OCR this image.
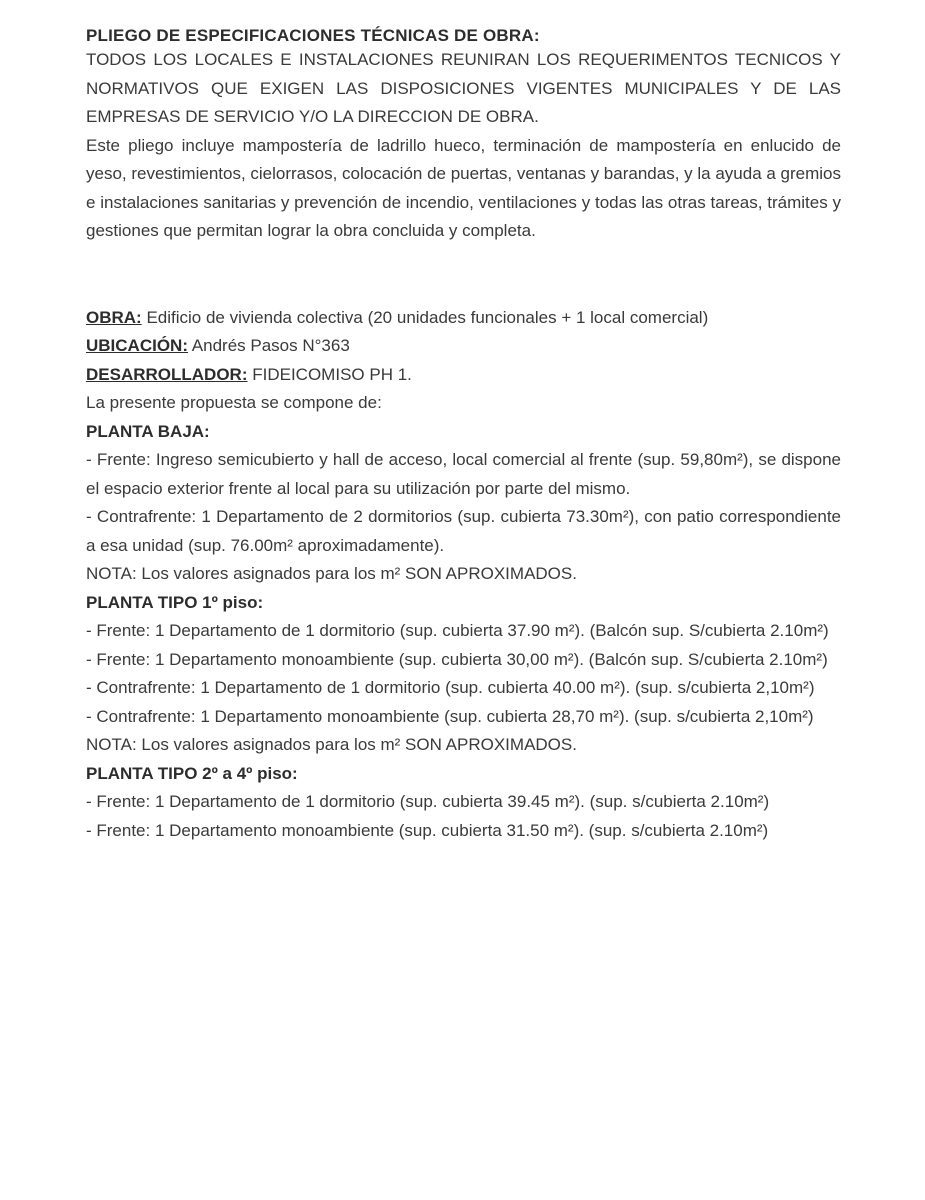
PLIEGO DE ESPECIFICACIONES TÉCNICAS DE OBRA:

TODOS LOS LOCALES E INSTALACIONES REUNIRAN LOS REQUERIMENTOS TECNICOS Y NORMATIVOS QUE EXIGEN LAS DISPOSICIONES VIGENTES MUNICIPALES Y DE LAS EMPRESAS DE SERVICIO Y/O LA DIRECCION DE OBRA.

Este pliego incluye mampostería de ladrillo hueco, terminación de mampostería en enlucido de yeso, revestimientos, cielorrasos, colocación de puertas, ventanas y barandas, y la ayuda a gremios e instalaciones sanitarias y prevención de incendio, ventilaciones y todas las otras tareas, trámites y gestiones que permitan lograr la obra concluida y completa.

OBRA: Edificio de vivienda colectiva (20 unidades funcionales + 1 local comercial)

UBICACIÓN: Andrés Pasos N°363

DESARROLLADOR: FIDEICOMISO PH 1.

La presente propuesta se compone de:

PLANTA BAJA:

- Frente: Ingreso semicubierto y hall de acceso, local comercial al frente (sup. 59,80m²), se dispone el espacio exterior frente al local para su utilización por parte del mismo.

- Contrafrente: 1 Departamento de 2 dormitorios (sup. cubierta 73.30m²), con patio correspondiente a esa unidad (sup. 76.00m² aproximadamente).

NOTA: Los valores asignados para los m² SON APROXIMADOS.

PLANTA TIPO 1º piso:

- Frente: 1 Departamento de 1 dormitorio (sup. cubierta 37.90 m²). (Balcón sup. S/cubierta 2.10m²)

- Frente: 1 Departamento monoambiente (sup. cubierta 30,00 m²). (Balcón sup. S/cubierta 2.10m²)

- Contrafrente: 1 Departamento de 1 dormitorio (sup. cubierta 40.00 m²). (sup. s/cubierta 2,10m²)

- Contrafrente: 1 Departamento monoambiente (sup. cubierta 28,70 m²). (sup. s/cubierta 2,10m²)

NOTA: Los valores asignados para los m² SON APROXIMADOS.

PLANTA TIPO 2º a 4º piso:

- Frente: 1 Departamento de 1 dormitorio (sup. cubierta 39.45 m²). (sup. s/cubierta 2.10m²)

- Frente: 1 Departamento monoambiente (sup. cubierta 31.50 m²). (sup. s/cubierta 2.10m²)
